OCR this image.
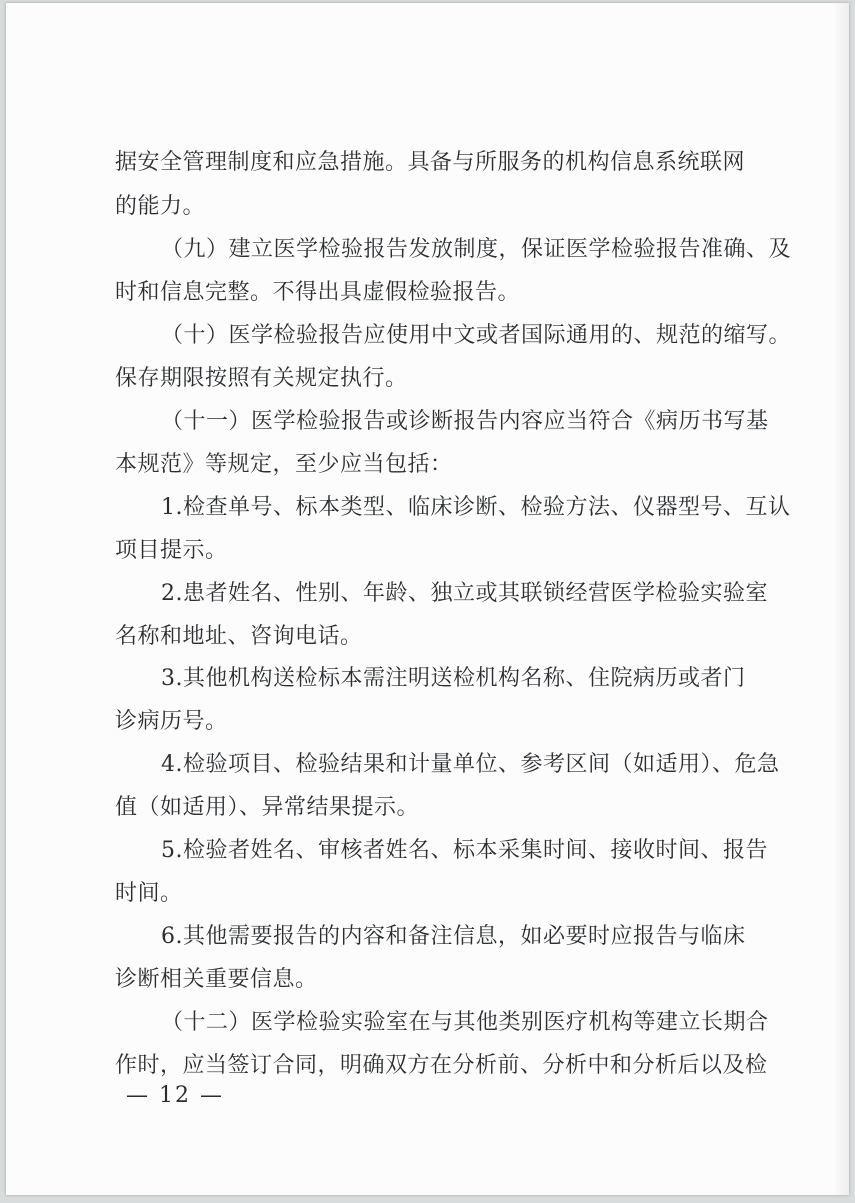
据安全管理制度和应急措施。具备与所服务的机构信息系统联网
的能力。
（九）建立医学检验报告发放制度，保证医学检验报告准确、及
时和信息完整。不得出具虚假检验报告。
（十）医学检验报告应使用中文或者国际通用的、规范的缩写。
保存期限按照有关规定执行。
（十一）医学检验报告或诊断报告内容应当符合《病历书写基
本规范》等规定，至少应当包括：
1.检查单号、标本类型、临床诊断、检验方法、仪器型号、互认
项目提示。
2.患者姓名、性别、年龄、独立或其联锁经营医学检验实验室
名称和地址、咨询电话。
3.其他机构送检标本需注明送检机构名称、住院病历或者门
诊病历号。
4.检验项目、检验结果和计量单位、参考区间（如适用）、危急
值（如适用）、异常结果提示。
5.检验者姓名、审核者姓名、标本采集时间、接收时间、报告
时间。
6.其他需要报告的内容和备注信息，如必要时应报告与临床
诊断相关重要信息。
（十二）医学检验实验室在与其他类别医疗机构等建立长期合
作时，应当签订合同，明确双方在分析前、分析中和分析后以及检
— 12 —
